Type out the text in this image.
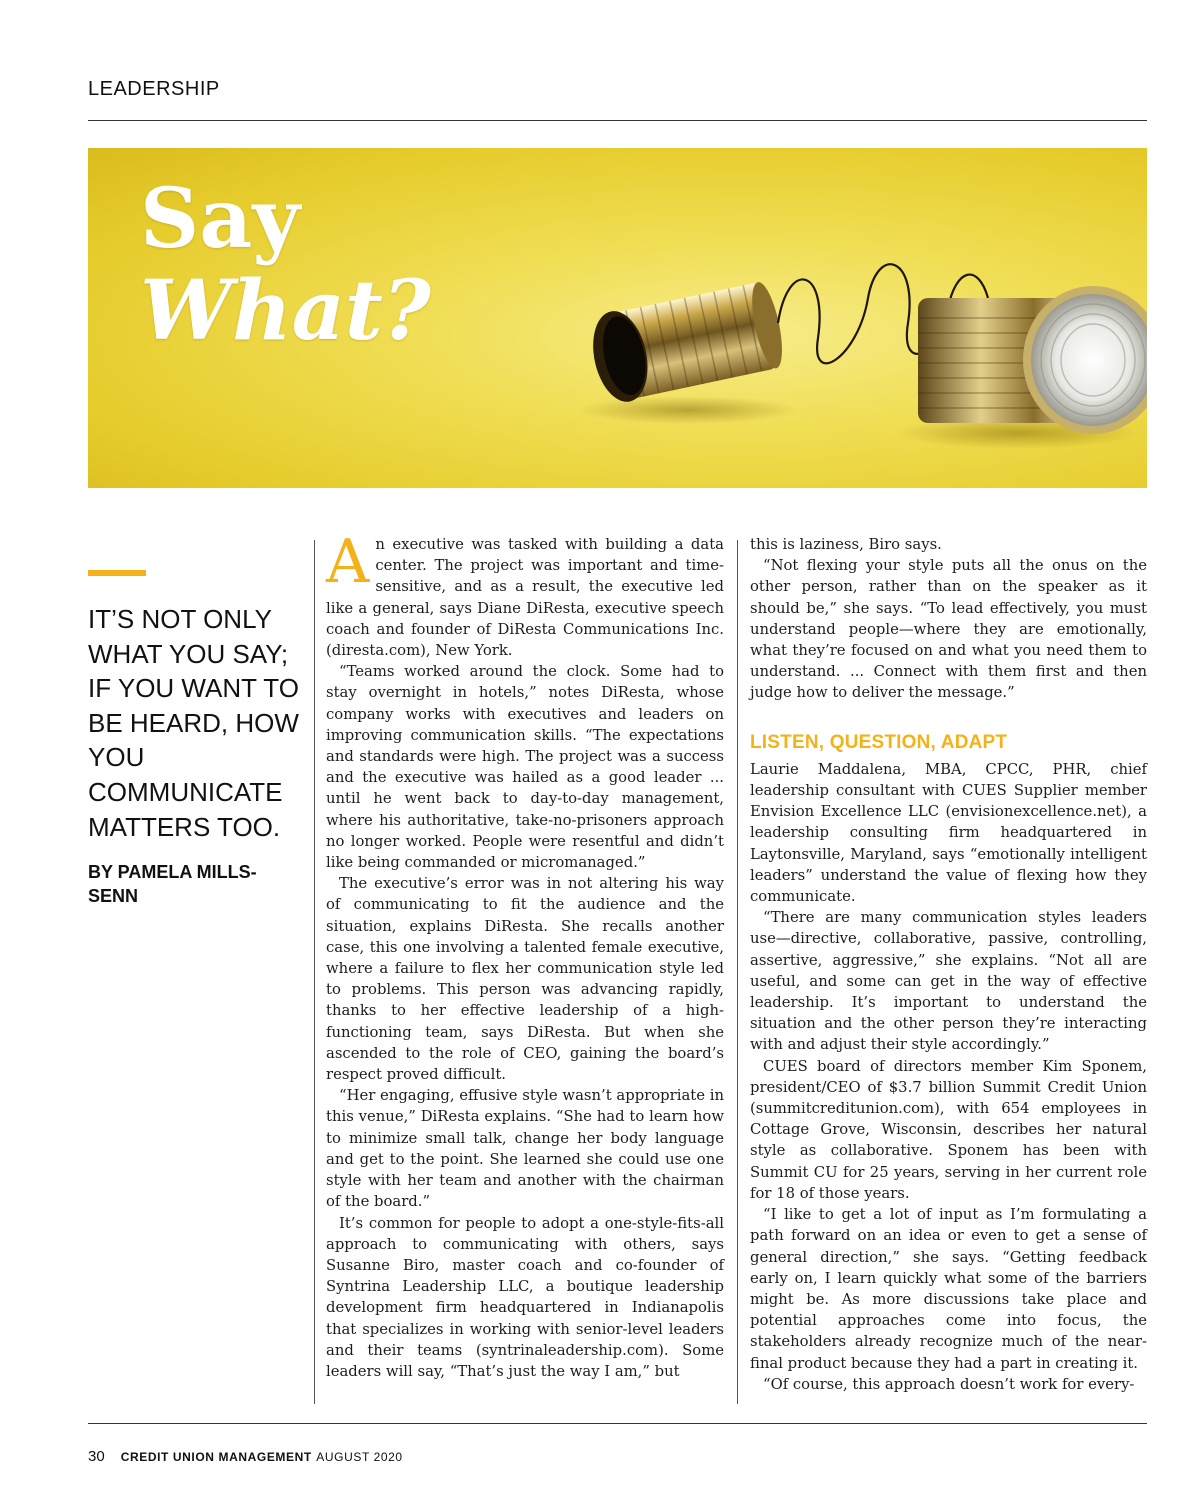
LEADERSHIP
Say
What?

IT’S NOT ONLY WHAT YOU SAY; IF YOU WANT TO BE HEARD, HOW YOU COMMUNICATE MATTERS TOO.

BY PAMELA MILLS-SENN

An executive was tasked with building a data center. The project was important and time-sensitive, and as a result, the executive led like a general, says Diane DiResta, executive speech coach and founder of DiResta Communications Inc. (diresta.com), New York.

“Teams worked around the clock. Some had to stay overnight in hotels,” notes DiResta, whose company works with executives and leaders on improving communication skills. “The expectations and standards were high. The project was a success and the executive was hailed as a good leader ... until he went back to day-to-day management, where his authoritative, take-no-prisoners approach no longer worked. People were resentful and didn’t like being commanded or micromanaged.”

The executive’s error was in not altering his way of communicating to fit the audience and the situation, explains DiResta. She recalls another case, this one involving a talented female executive, where a failure to flex her communication style led to problems. This person was advancing rapidly, thanks to her effective leadership of a high-functioning team, says DiResta. But when she ascended to the role of CEO, gaining the board’s respect proved difficult.

“Her engaging, effusive style wasn’t appropriate in this venue,” DiResta explains. “She had to learn how to minimize small talk, change her body language and get to the point. She learned she could use one style with her team and another with the chairman of the board.”

It’s common for people to adopt a one-style-fits-all approach to communicating with others, says Susanne Biro, master coach and co-founder of Syntrina Leadership LLC, a boutique leadership development firm headquartered in Indianapolis that specializes in working with senior-level leaders and their teams (syntrinaleadership.com). Some leaders will say, “That’s just the way I am,” but

this is laziness, Biro says.

“Not flexing your style puts all the onus on the other person, rather than on the speaker as it should be,” she says. “To lead effectively, you must understand people—where they are emotionally, what they’re focused on and what you need them to understand. ... Connect with them first and then judge how to deliver the message.”

LISTEN, QUESTION, ADAPT

Laurie Maddalena, MBA, CPCC, PHR, chief leadership consultant with CUES Supplier member Envision Excellence LLC (envisionexcellence.net), a leadership consulting firm headquartered in Laytonsville, Maryland, says “emotionally intelligent leaders” understand the value of flexing how they communicate.

“There are many communication styles leaders use—directive, collaborative, passive, controlling, assertive, aggressive,” she explains. “Not all are useful, and some can get in the way of effective leadership. It’s important to understand the situation and the other person they’re interacting with and adjust their style accordingly.”

CUES board of directors member Kim Sponem, president/CEO of $3.7 billion Summit Credit Union (summitcreditunion.com), with 654 employees in Cottage Grove, Wisconsin, describes her natural style as collaborative. Sponem has been with Summit CU for 25 years, serving in her current role for 18 of those years.

“I like to get a lot of input as I’m formulating a path forward on an idea or even to get a sense of general direction,” she says. “Getting feedback early on, I learn quickly what some of the barriers might be. As more discussions take place and potential approaches come into focus, the stakeholders already recognize much of the near-final product because they had a part in creating it.

“Of course, this approach doesn’t work for every-

30 CREDIT UNION MANAGEMENT AUGUST 2020
